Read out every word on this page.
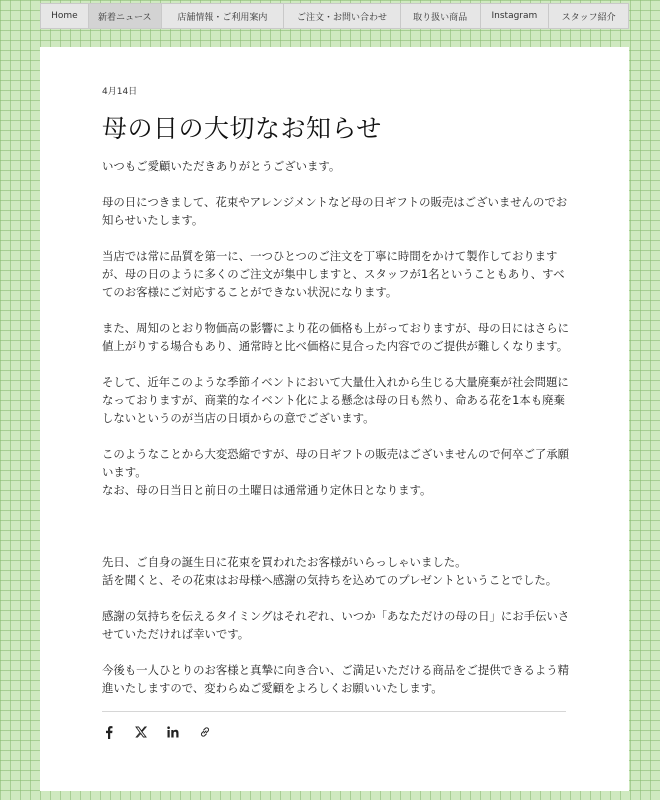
Home	新着ニュース	店舗情報・ご利用案内	ご注文・お問い合わせ	取り扱い商品	Instagram	スタッフ紹介
4月14日
母の日の大切なお知らせ

いつもご愛顧いただきありがとうございます。

母の日につきまして、花束やアレンジメントなど母の日ギフトの販売はございませんのでお
知らせいたします。

当店では常に品質を第一に、一つひとつのご注文を丁寧に時間をかけて製作しております
が、母の日のように多くのご注文が集中しますと、スタッフが1名ということもあり、すべ
てのお客様にご対応することができない状況になります。

また、周知のとおり物価高の影響により花の価格も上がっておりますが、母の日にはさらに
値上がりする場合もあり、通常時と比べ価格に見合った内容でのご提供が難しくなります。

そして、近年このような季節イベントにおいて大量仕入れから生じる大量廃棄が社会問題に
なっておりますが、商業的なイベント化による懸念は母の日も然り、命ある花を1本も廃棄
しないというのが当店の日頃からの意でございます。

このようなことから大変恐縮ですが、母の日ギフトの販売はございませんので何卒ご了承願
います。
なお、母の日当日と前日の土曜日は通常通り定休日となります。

先日、ご自身の誕生日に花束を買われたお客様がいらっしゃいました。
話を聞くと、その花束はお母様へ感謝の気持ちを込めてのプレゼントということでした。

感謝の気持ちを伝えるタイミングはそれぞれ、いつか「あなただけの母の日」にお手伝いさ
せていただければ幸いです。

今後も一人ひとりのお客様と真摯に向き合い、ご満足いただける商品をご提供できるよう精
進いたしますので、変わらぬご愛顧をよろしくお願いいたします。
